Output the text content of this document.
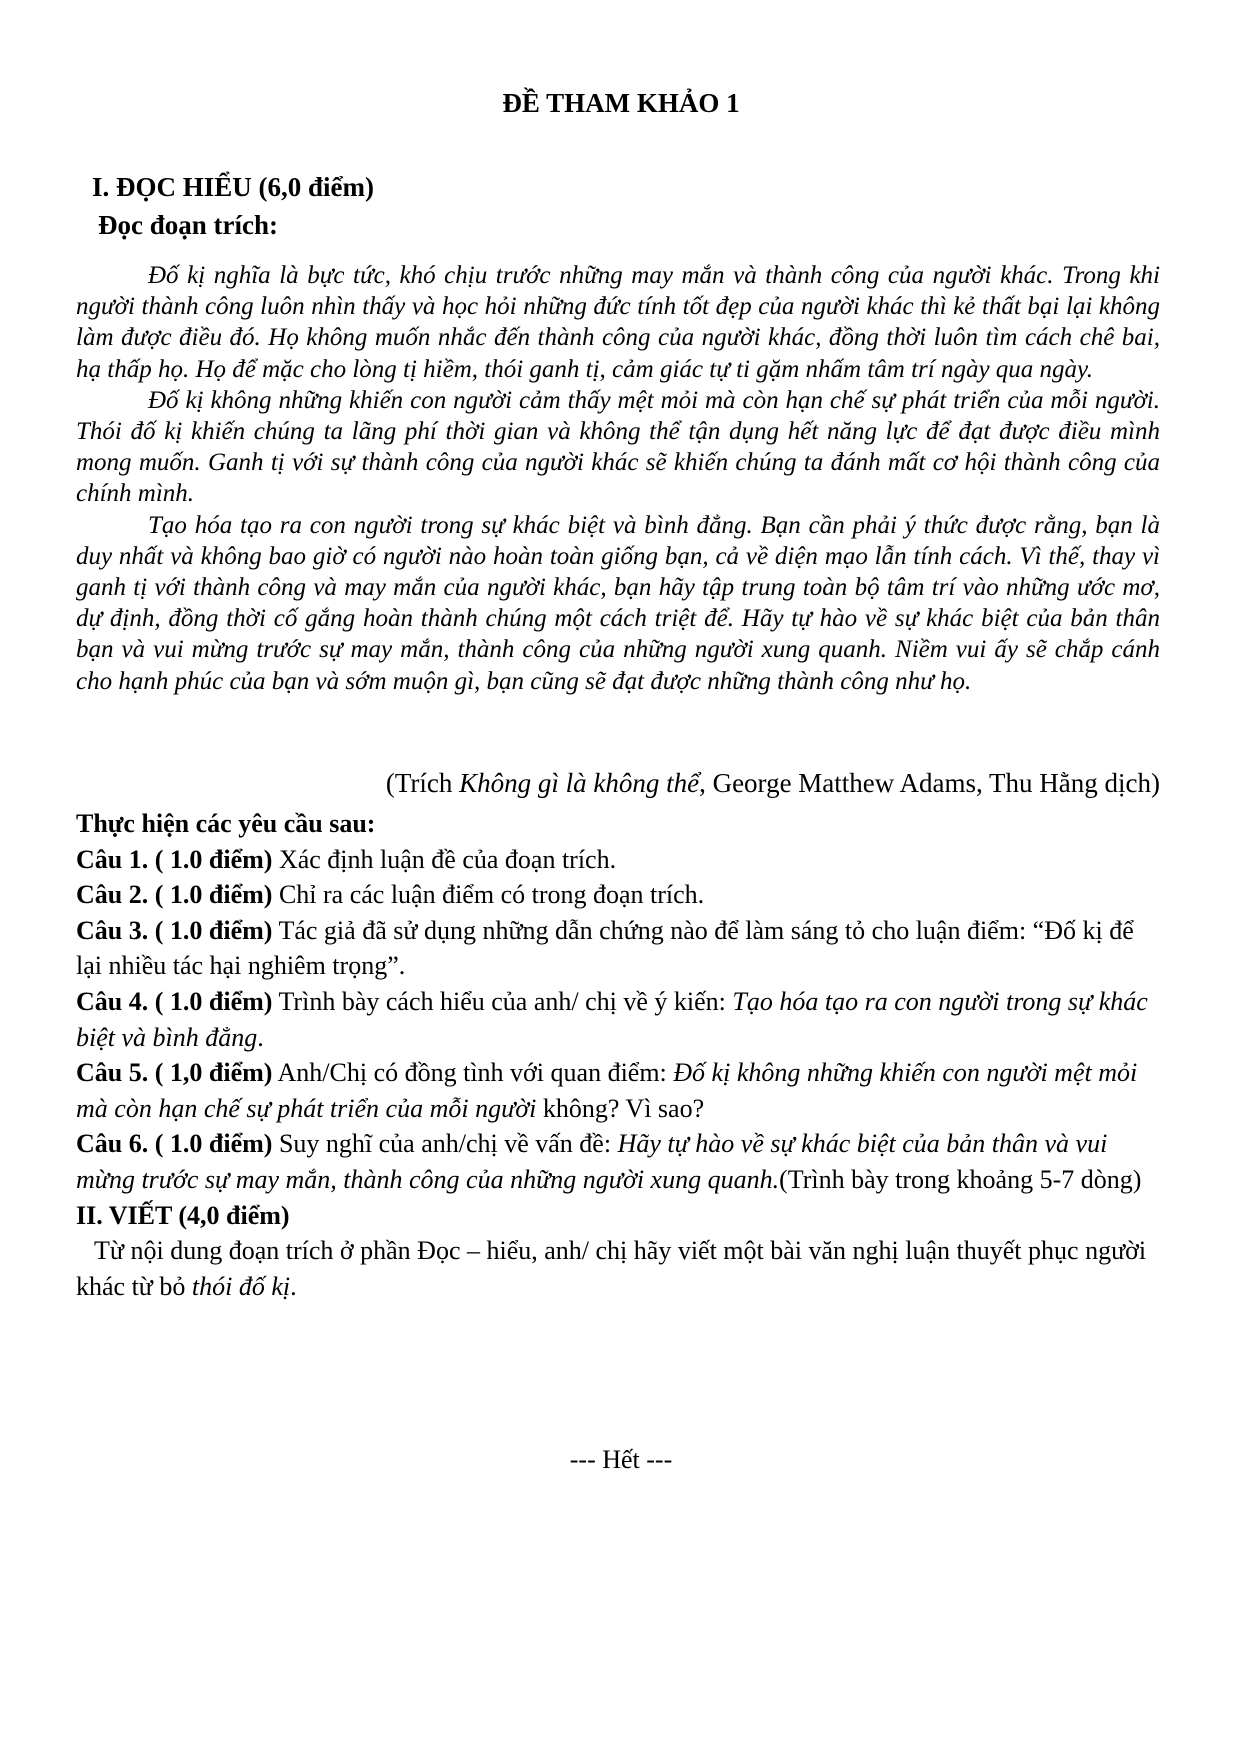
ĐỀ THAM KHẢO 1
I. ĐỌC HIỂU (6,0 điểm)
Đọc đoạn trích:

Đố kị nghĩa là bực tức, khó chịu trước những may mắn và thành công của người khác. Trong khi người thành công luôn nhìn thấy và học hỏi những đức tính tốt đẹp của người khác thì kẻ thất bại lại không làm được điều đó. Họ không muốn nhắc đến thành công của người khác, đồng thời luôn tìm cách chê bai, hạ thấp họ. Họ để mặc cho lòng tị hiềm, thói ganh tị, cảm giác tự ti gặm nhấm tâm trí ngày qua ngày.

Đố kị không những khiến con người cảm thấy mệt mỏi mà còn hạn chế sự phát triển của mỗi người. Thói đố kị khiến chúng ta lãng phí thời gian và không thể tận dụng hết năng lực để đạt được điều mình mong muốn. Ganh tị với sự thành công của người khác sẽ khiến chúng ta đánh mất cơ hội thành công của chính mình.

Tạo hóa tạo ra con người trong sự khác biệt và bình đẳng. Bạn cần phải ý thức được rằng, bạn là duy nhất và không bao giờ có người nào hoàn toàn giống bạn, cả về diện mạo lẫn tính cách. Vì thế, thay vì ganh tị với thành công và may mắn của người khác, bạn hãy tập trung toàn bộ tâm trí vào những ước mơ, dự định, đồng thời cố gắng hoàn thành chúng một cách triệt để. Hãy tự hào về sự khác biệt của bản thân bạn và vui mừng trước sự may mắn, thành công của những người xung quanh. Niềm vui ấy sẽ chắp cánh cho hạnh phúc của bạn và sớm muộn gì, bạn cũng sẽ đạt được những thành công như họ.

(Trích Không gì là không thể, George Matthew Adams, Thu Hằng dịch)

Thực hiện các yêu cầu sau:

Câu 1. ( 1.0 điểm) Xác định luận đề của đoạn trích.

Câu 2. ( 1.0 điểm) Chỉ ra các luận điểm có trong đoạn trích.

Câu 3. ( 1.0 điểm) Tác giả đã sử dụng những dẫn chứng nào để làm sáng tỏ cho luận điểm: “Đố kị để lại nhiều tác hại nghiêm trọng”.

Câu 4. ( 1.0 điểm) Trình bày cách hiểu của anh/ chị về ý kiến: Tạo hóa tạo ra con người trong sự khác biệt và bình đẳng.

Câu 5. ( 1,0 điểm) Anh/Chị có đồng tình với quan điểm: Đố kị không những khiến con người mệt mỏi mà còn hạn chế sự phát triển của mỗi người không? Vì sao?

Câu 6. ( 1.0 điểm) Suy nghĩ của anh/chị về vấn đề: Hãy tự hào về sự khác biệt của bản thân và vui mừng trước sự may mắn, thành công của những người xung quanh.(Trình bày trong khoảng 5-7 dòng)

II. VIẾT (4,0 điểm)

Từ nội dung đoạn trích ở phần Đọc – hiểu, anh/ chị hãy viết một bài văn nghị luận thuyết phục người khác từ bỏ thói đố kị.

--- Hết ---
